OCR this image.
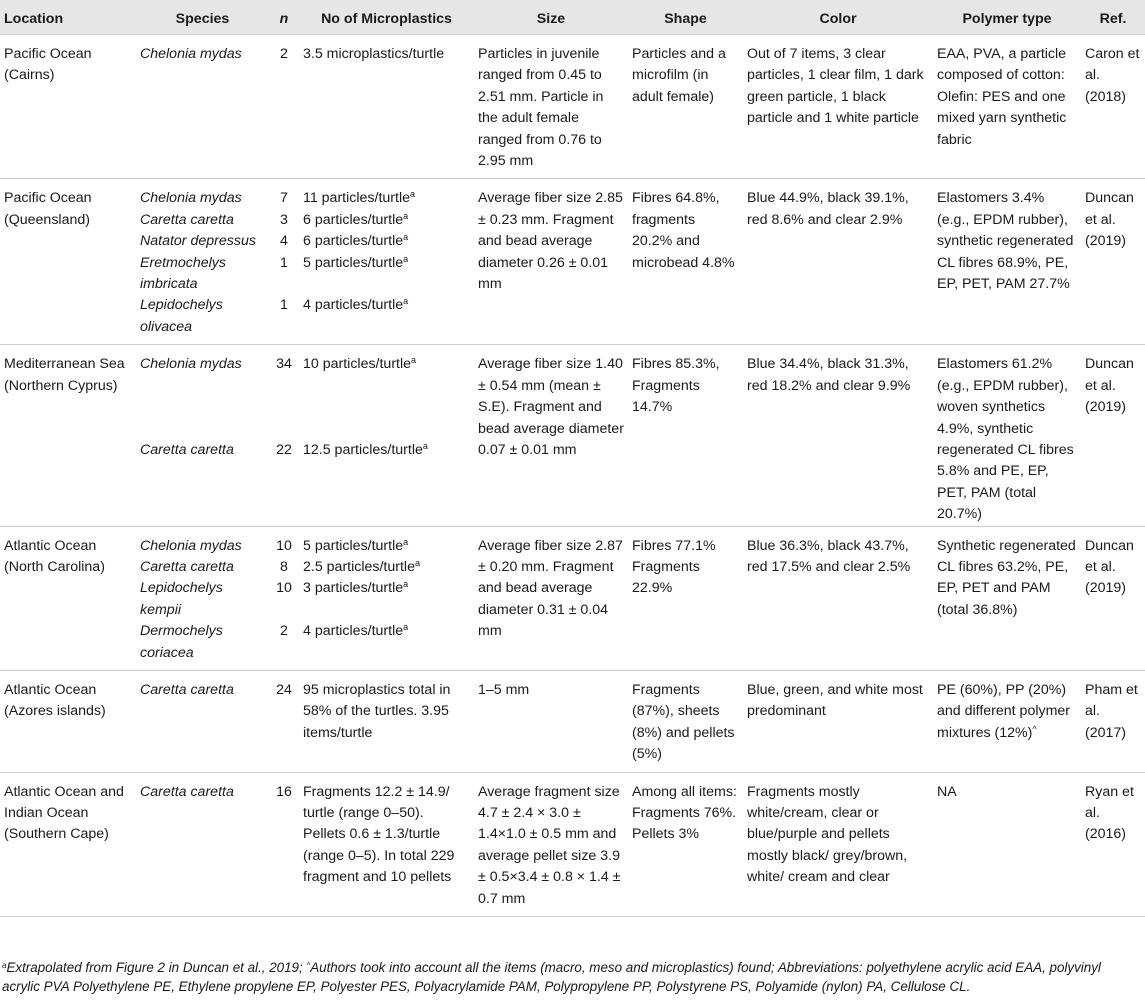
Location	Species	n	No of Microplastics	Size	Shape	Color	Polymer type	Ref.
Pacific Ocean (Cairns)	Chelonia mydas	2	3.5 microplastics/turtle	Particles in juvenile ranged from 0.45 to 2.51 mm. Particle in the adult female ranged from 0.76 to 2.95 mm	Particles and a microfilm (in adult female)	Out of 7 items, 3 clear particles, 1 clear film, 1 dark green particle, 1 black particle and 1 white particle	EAA, PVA, a particle composed of cotton: Olefin: PES and one mixed yarn synthetic fabric	Caron et al. (2018)
Pacific Ocean (Queensland)	Chelonia mydas	7	11 particles/turtle$^a$	Average fiber size 2.85 ± 0.23 mm. Fragment and bead average diameter 0.26 ± 0.01 mm	Fibres 64.8%, fragments 20.2% and microbead 4.8%	Blue 44.9%, black 39.1%, red 8.6% and clear 2.9%	Elastomers 3.4% (e.g., EPDM rubber), synthetic regenerated CL fibres 68.9%, PE, EP, PET, PAM 27.7%	Duncan et al. (2019)
	Caretta caretta	3	6 particles/turtle$^a$
	Natator depressus	4	6 particles/turtle$^a$
	Eretmochelys imbricata	1	5 particles/turtle$^a$
	Lepidochelys olivacea	1	4 particles/turtle$^a$
Mediterranean Sea (Northern Cyprus)	Chelonia mydas	34	10 particles/turtle$^a$	Average fiber size 1.40 ± 0.54 mm (mean ± S.E). Fragment and bead average diameter 0.07 ± 0.01 mm	Fibres 85.3%, Fragments 14.7%	Blue 34.4%, black 31.3%, red 18.2% and clear 9.9%	Elastomers 61.2% (e.g., EPDM rubber), woven synthetics 4.9%, synthetic regenerated CL fibres 5.8% and PE, EP, PET, PAM (total 20.7%)	Duncan et al. (2019)
	Caretta caretta	22	12.5 particles/turtle$^a$
Atlantic Ocean (North Carolina)	Chelonia mydas	10	5 particles/turtle$^a$	Average fiber size 2.87 ± 0.20 mm. Fragment and bead average diameter 0.31 ± 0.04 mm	Fibres 77.1% Fragments 22.9%	Blue 36.3%, black 43.7%, red 17.5% and clear 2.5%	Synthetic regenerated CL fibres 63.2%, PE, EP, PET and PAM (total 36.8%)	Duncan et al. (2019)
	Caretta caretta	8	2.5 particles/turtle$^a$
	Lepidochelys kempii	10	3 particles/turtle$^a$
	Dermochelys coriacea	2	4 particles/turtle$^a$
Atlantic Ocean (Azores islands)	Caretta caretta	24	95 microplastics total in 58% of the turtles. 3.95 items/turtle	1–5 mm	Fragments (87%), sheets (8%) and pellets (5%)	Blue, green, and white most predominant	PE (60%), PP (20%) and different polymer mixtures (12%)^	Pham et al. (2017)
Atlantic Ocean and Indian Ocean (Southern Cape)	Caretta caretta	16	Fragments 12.2 ± 14.9/ turtle (range 0–50). Pellets 0.6 ± 1.3/turtle (range 0–5). In total 229 fragment and 10 pellets	Average fragment size 4.7 ± 2.4 × 3.0 ± 1.4×1.0 ± 0.5 mm and average pellet size 3.9 ± 0.5×3.4 ± 0.8 × 1.4 ± 0.7 mm	Among all items: Fragments 76%. Pellets 3%	Fragments mostly white/cream, clear or blue/purple and pellets mostly black/ grey/brown, white/ cream and clear	NA	Ryan et al. (2016)
$^a$Extrapolated from Figure 2 in Duncan et al., 2019; ^Authors took into account all the items (macro, meso and microplastics) found; Abbreviations: polyethylene acrylic acid EAA, polyvinyl acrylic PVA Polyethylene PE, Ethylene propylene EP, Polyester PES, Polyacrylamide PAM, Polypropylene PP, Polystyrene PS, Polyamide (nylon) PA, Cellulose CL.
